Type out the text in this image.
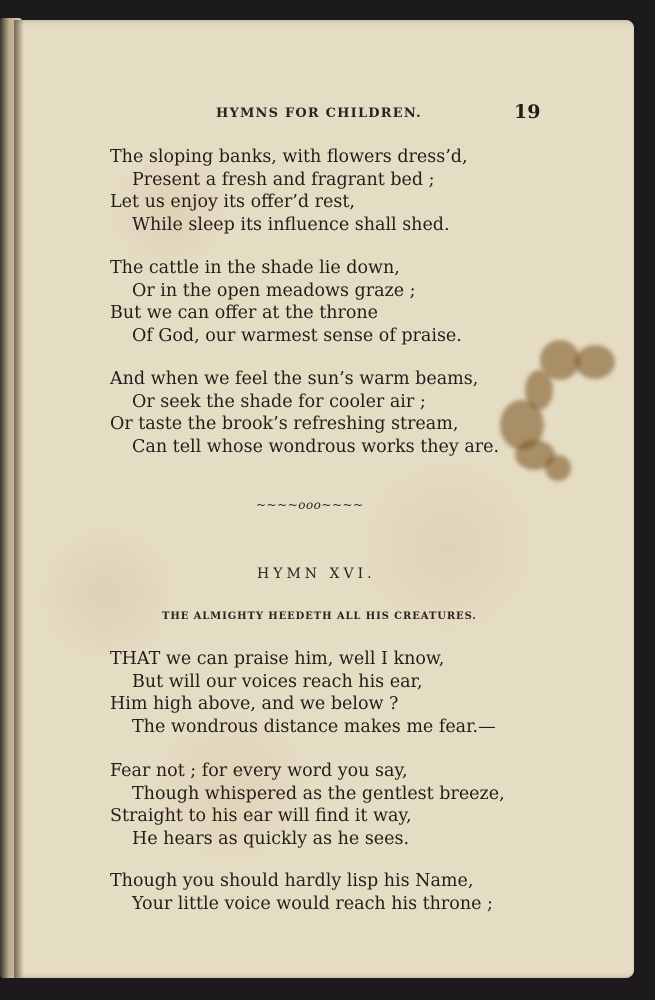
HYMNS FOR CHILDREN.	19
The sloping banks, with flowers dress’d,
Present a fresh and fragrant bed ;
Let us enjoy its offer’d rest,
While sleep its influence shall shed.
The cattle in the shade lie down,
Or in the open meadows graze ;
But we can offer at the throne
Of God, our warmest sense of praise.
And when we feel the sun’s warm beams,
Or seek the shade for cooler air ;
Or taste the brook’s refreshing stream,
Can tell whose wondrous works they are.
~~~~ooo~~~~
HYMN XVI.
THE ALMIGHTY HEEDETH ALL HIS CREATURES.
THAT we can praise him, well I know,
But will our voices reach his ear,
Him high above, and we below ?
The wondrous distance makes me fear.—
Fear not ; for every word you say,
Though whispered as the gentlest breeze,
Straight to his ear will find it way,
He hears as quickly as he sees.
Though you should hardly lisp his Name,
Your little voice would reach his throne ;
